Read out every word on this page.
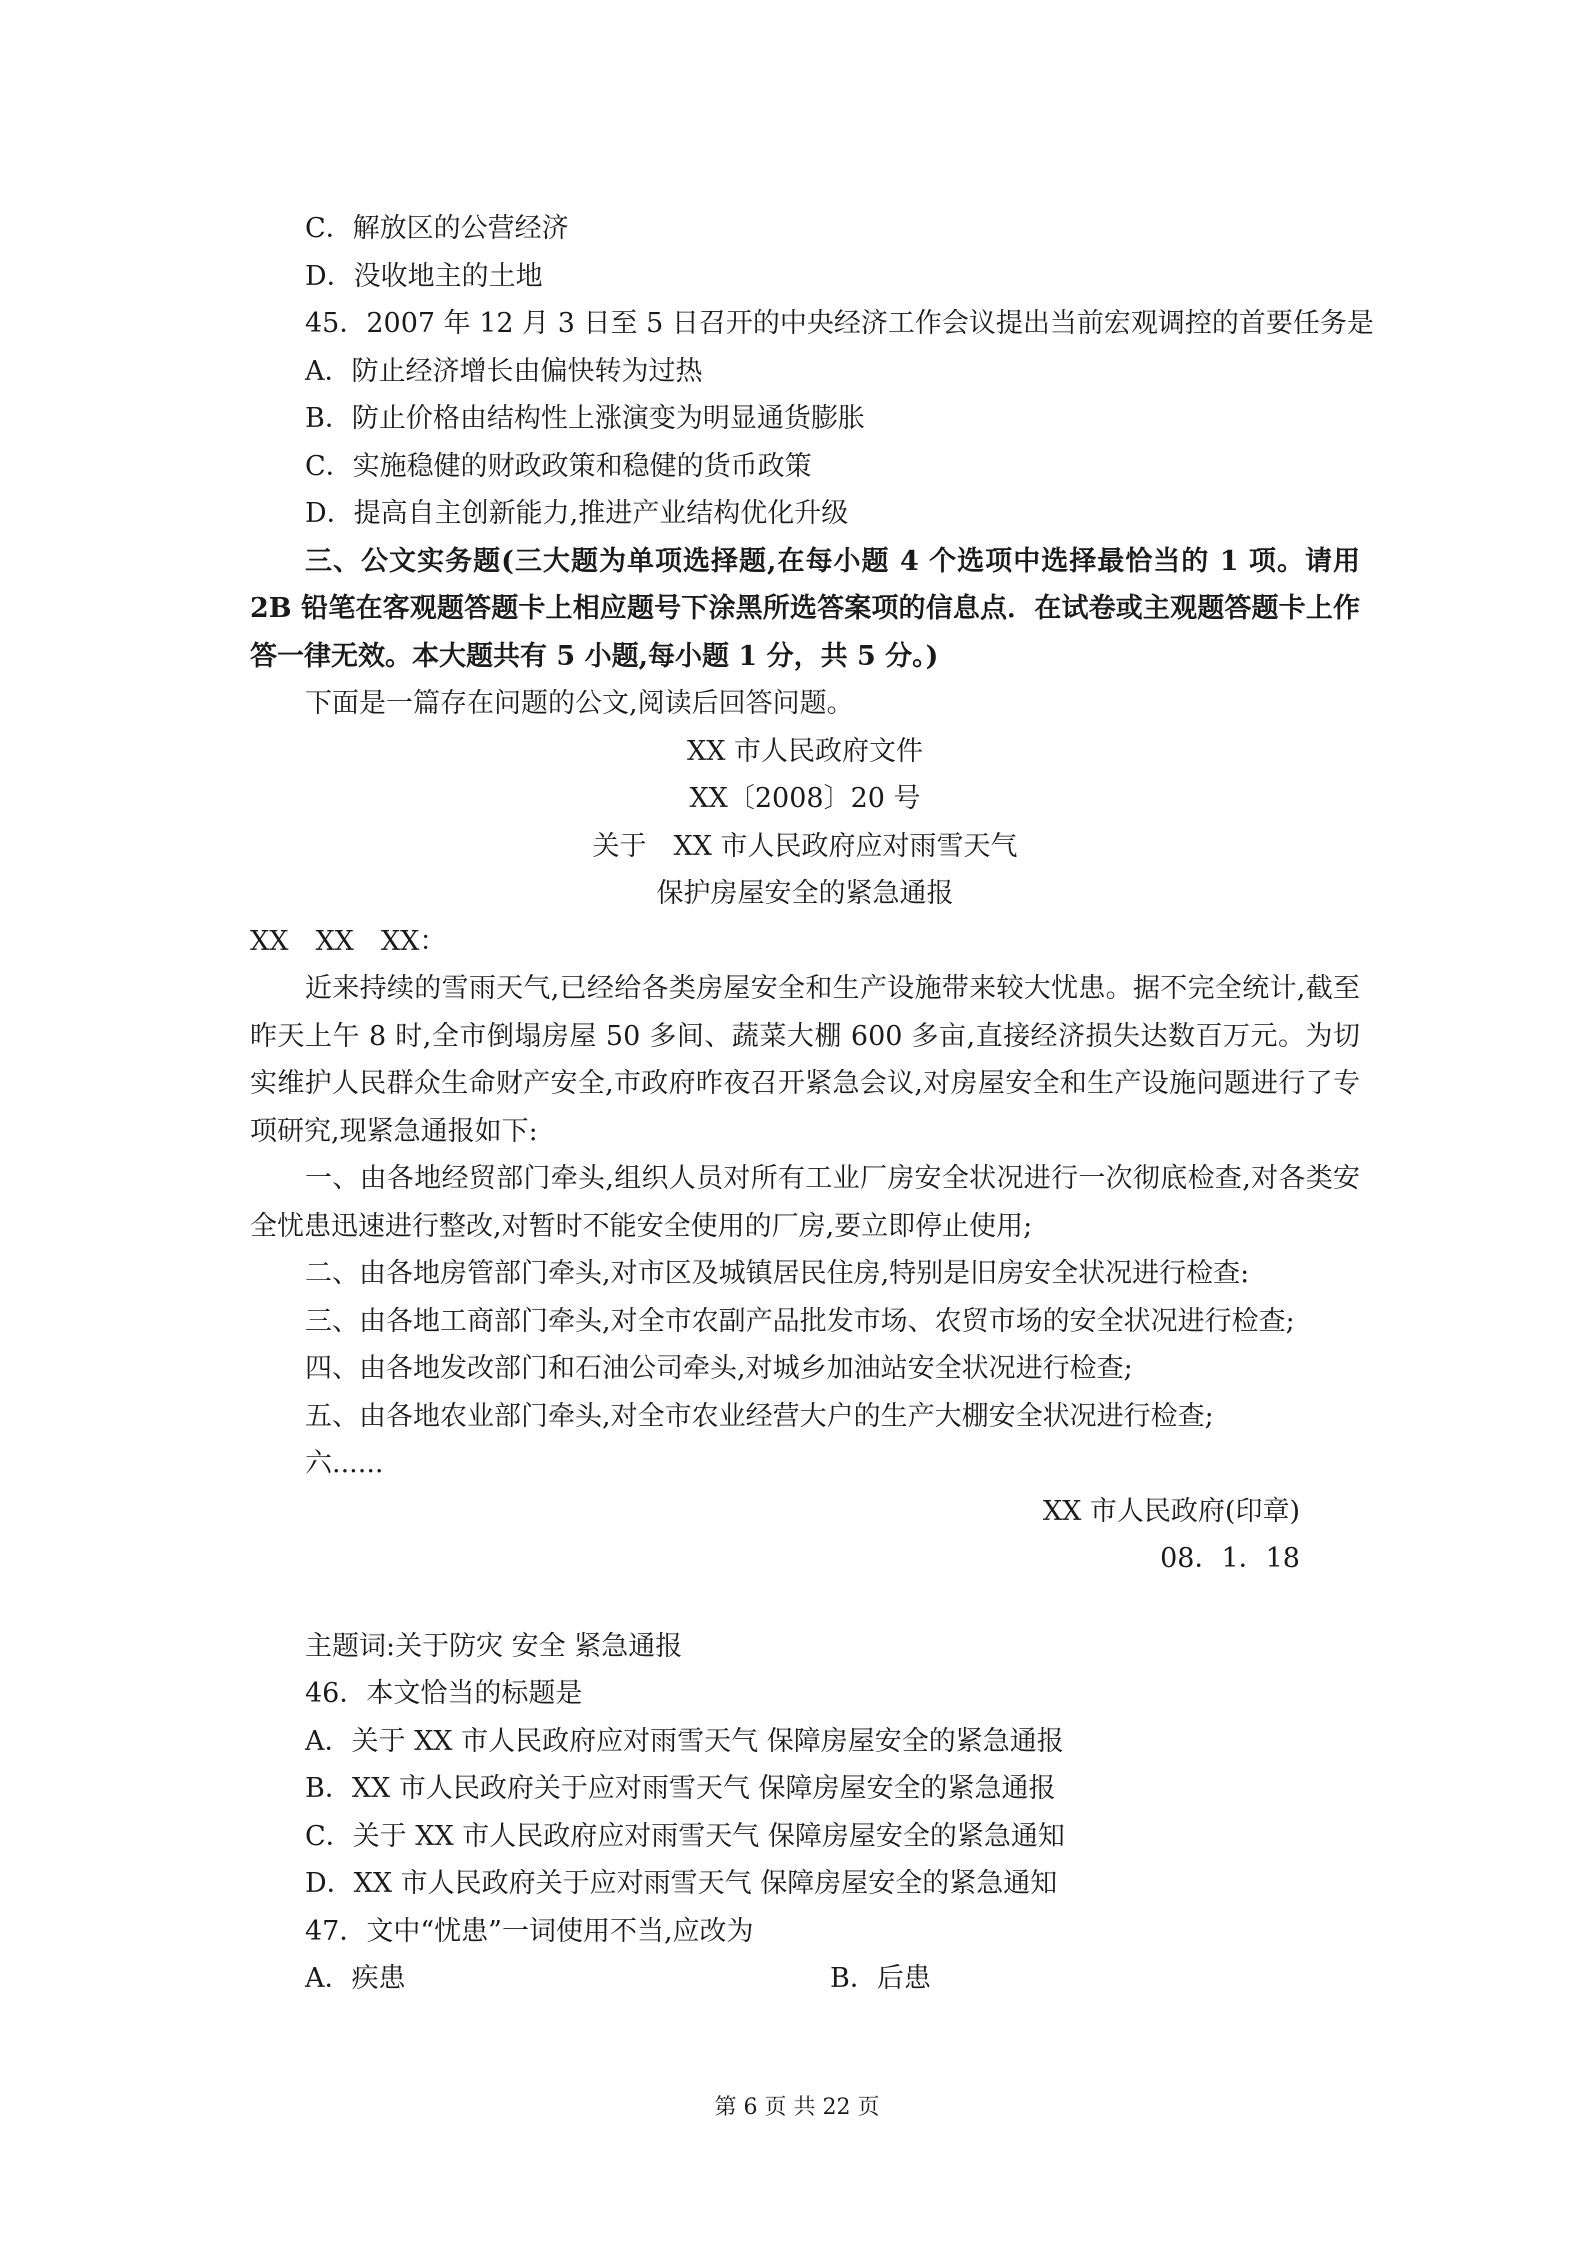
C．解放区的公营经济
D．没收地主的土地
45．2007 年 12 月 3 日至 5 日召开的中央经济工作会议提出当前宏观调控的首要任务是
A．防止经济增长由偏快转为过热
B．防止价格由结构性上涨演变为明显通货膨胀
C．实施稳健的财政政策和稳健的货币政策
D．提高自主创新能力,推进产业结构优化升级
三、公文实务题(三大题为单项选择题,在每小题 4 个选项中选择最恰当的 1 项。请用 2B 铅笔在客观题答题卡上相应题号下涂黑所选答案项的信息点．在试卷或主观题答题卡上作答一律无效。本大题共有 5 小题,每小题 1 分，共 5 分。)
下面是一篇存在问题的公文,阅读后回答问题。
XX 市人民政府文件
XX〔2008〕20 号
关于　XX 市人民政府应对雨雪天气
保护房屋安全的紧急通报
XX　XX　XX：
近来持续的雪雨天气,已经给各类房屋安全和生产设施带来较大忧患。据不完全统计,截至昨天上午 8 时,全市倒塌房屋 50 多间、蔬菜大棚 600 多亩,直接经济损失达数百万元。为切实维护人民群众生命财产安全,市政府昨夜召开紧急会议,对房屋安全和生产设施问题进行了专项研究,现紧急通报如下:
一、由各地经贸部门牵头,组织人员对所有工业厂房安全状况进行一次彻底检查,对各类安全忧患迅速进行整改,对暂时不能安全使用的厂房,要立即停止使用;
二、由各地房管部门牵头,对市区及城镇居民住房,特别是旧房安全状况进行检查:
三、由各地工商部门牵头,对全市农副产品批发市场、农贸市场的安全状况进行检查;
四、由各地发改部门和石油公司牵头,对城乡加油站安全状况进行检查;
五、由各地农业部门牵头,对全市农业经营大户的生产大棚安全状况进行检查;
六......
XX 市人民政府(印章)
08．1．18
主题词:关于防灾 安全 紧急通报
46．本文恰当的标题是
A．关于 XX 市人民政府应对雨雪天气 保障房屋安全的紧急通报
B．XX 市人民政府关于应对雨雪天气 保障房屋安全的紧急通报
C．关于 XX 市人民政府应对雨雪天气 保障房屋安全的紧急通知
D．XX 市人民政府关于应对雨雪天气 保障房屋安全的紧急通知
47．文中“忧患”一词使用不当,应改为
A．疾患	B．后患
第 6 页 共 22 页
